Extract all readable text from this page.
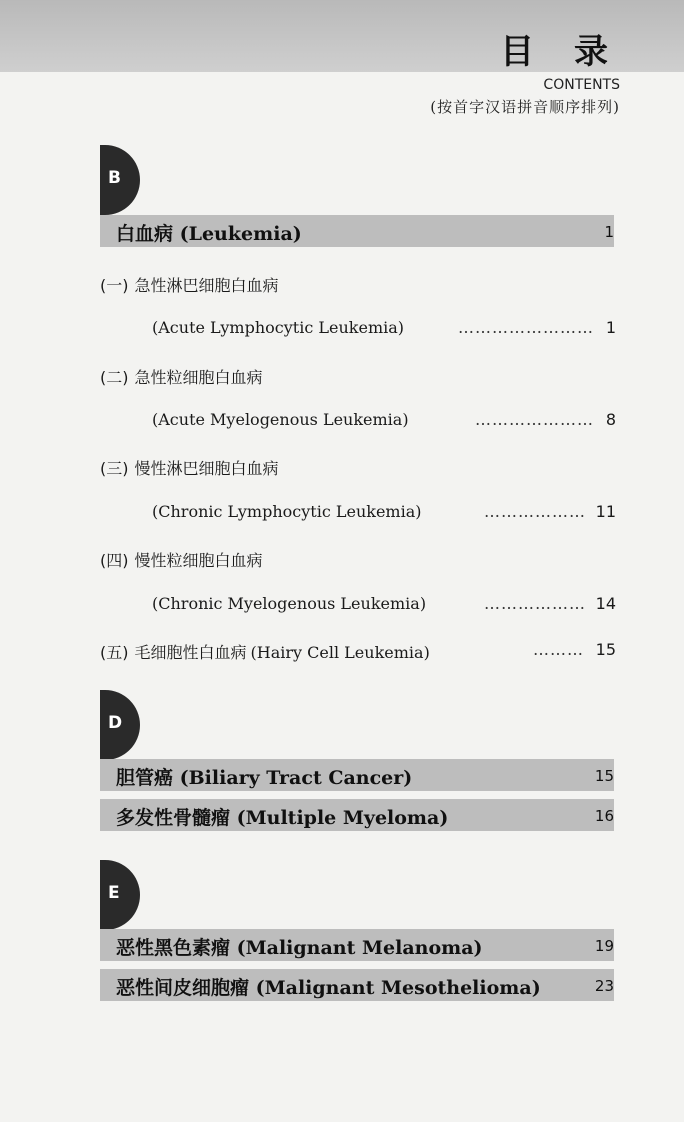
目 录
CONTENTS
(按首字汉语拼音顺序排列)
B
白血病 (Leukemia)	1
(一) 急性淋巴细胞白血病
(Acute Lymphocytic Leukemia)	…………………… 1
(二) 急性粒细胞白血病
(Acute Myelogenous Leukemia)	………………… 8
(三) 慢性淋巴细胞白血病
(Chronic Lymphocytic Leukemia)	……………… 11
(四) 慢性粒细胞白血病
(Chronic Myelogenous Leukemia)	……………… 14
(五) 毛细胞性白血病 (Hairy Cell Leukemia)	……… 15
D
胆管癌 (Biliary Tract Cancer)	15
多发性骨髓瘤 (Multiple Myeloma)	16
E
恶性黑色素瘤 (Malignant Melanoma)	19
恶性间皮细胞瘤 (Malignant Mesothelioma)	23
